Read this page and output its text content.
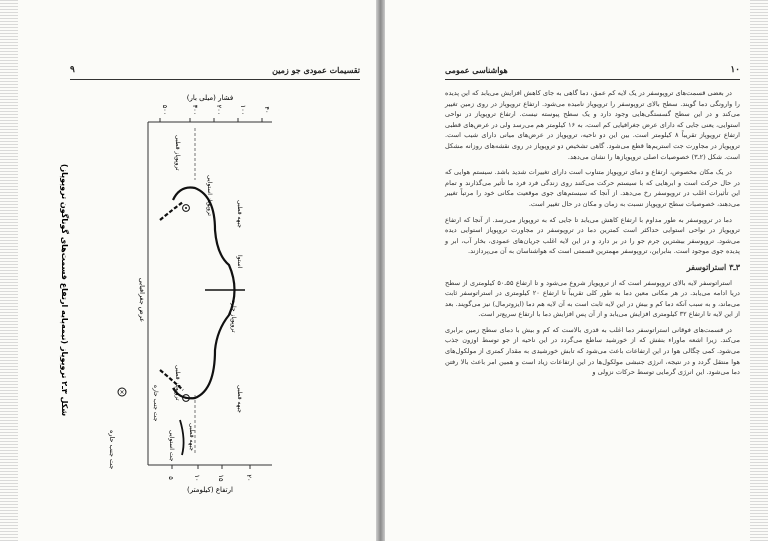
۹	تقسیمات عمودی جو زمین
۴۰
۱۰۰
۲۰۰
۳۰۰
۵۰۰
۵	۱۰ ۱۵	۲۰
فشار (میلی بار)
ارتفاع (کیلومتر)
×
تروپوپاز قطبی
تروپوپاز استوایی
تروپوپاز حاره
تروپوپاز قطبی
استوا
جبهه قطبی
جبهه قطبی
جت جنب حاره
جت استوایی جبهه قطبی
عرض جغرافیایی
جت جنب حاره
شکل ۳ـ۲ تروپوپاز (نیمه‌پایه ارتفاع قسمت‌های گوناگون تروپوپاز)
هواشناسی عمومی	۱۰

در بعضی قسمت‌های تروپوسفر در یک لایه کم عمق، دما گاهی به جای کاهش افزایش می‌یابد که این پدیده را وارونگی دما گویند. سطح بالای تروپوسفر را تروپوپاز نامیده می‌شود. ارتفاع تروپوپاز در روی زمین تغییر می‌کند و در این سطح گسستگی‌هایی وجود دارد و یک سطح پیوسته نیست. ارتفاع تروپوپاز در نواحی استوایی، یعنی جایی که دارای عرض جغرافیایی کم است، به ۱۶ کیلومتر هم می‌رسد ولی در عرض‌های قطبی ارتفاع تروپوپاز تقریباً ۸ کیلومتر است. بین این دو ناحیه، تروپوپاز در عرض‌های میانی دارای شیب است. تروپوپاز در مجاورت جت استریم‌ها قطع می‌شود. گاهی تشخیص دو تروپوپاز در روی نقشه‌های روزانه مشکل است. شکل (۲ـ۳) خصوصیات اصلی تروپوپازها را نشان می‌دهد.

در یک مکان مخصوص، ارتفاع و دمای تروپوپاز متناوب است دارای تغییرات شدید باشد. سیستم هوایی که در حال حرکت است و ابرهایی که با سیستم حرکت می‌کنند روی زندگی فرد فرد ما تأثیر می‌گذارند و تمام این تأثیرات اغلب در تروپوسفر رخ می‌دهد. از آنجا که سیستم‌های جوی موقعیت مکانی خود را مرتباً تغییر می‌دهند، خصوصیات سطح تروپوپاز نسبت به زمان و مکان در حال تغییر است.

دما در تروپوسفر به طور مداوم با ارتفاع کاهش می‌یابد تا جایی که به تروپوپاز می‌رسد. از آنجا که ارتفاع تروپوپاز در نواحی استوایی حداکثر است کمترین دما در تروپوسفر در مجاورت تروپوپاز استوایی دیده می‌شود. تروپوسفر بیشترین جرم جو را در بر دارد و در این لایه اغلب جریان‌های عمودی، بخار آب، ابر و پدیده جوی موجود است. بنابراین، تروپوسفر مهمترین قسمتی است که هواشناسان به آن می‌پردازند.

۳ـ۳ استراتوسفر

استراتوسفر لایه بالای تروپوسفر است که از تروپوپاز شروع می‌شود و تا ارتفاع ۵۵ـ۵۰ کیلومتری از سطح دریا ادامه می‌یابد. در هر مکانی معین دما به طور کلی تقریباً تا ارتفاع ۲۰ کیلومتری در استراتوسفر ثابت می‌ماند، و به سبب آنکه دما کم و بیش در این لایه ثابت است به آن لایه هم دما (ایزوترمال) نیز می‌گویند. بعد از این لایه تا ارتفاع ۳۲ کیلومتری افزایش می‌یابد و از آن پس افزایش دما با ارتفاع سریع‌تر است.

در قسمت‌های فوقانی استراتوسفر دما اغلب به قدری بالاست که کم و بیش با دمای سطح زمین برابری می‌کند. زیرا اشعه ماوراء بنفش که از خورشید ساطع می‌گردد در این ناحیه از جو توسط اوزون جذب می‌شود. کمی چگالی هوا در این ارتفاعات باعث می‌شود که تابش خورشیدی به مقدار کمتری از مولکول‌های هوا منتقل گردد و در نتیجه، انرژی جنبشی مولکول‌ها در این ارتفاعات زیاد است و همین امر باعث بالا رفتن دما می‌شود. این انرژی گرمایی توسط حرکات نزولی و
